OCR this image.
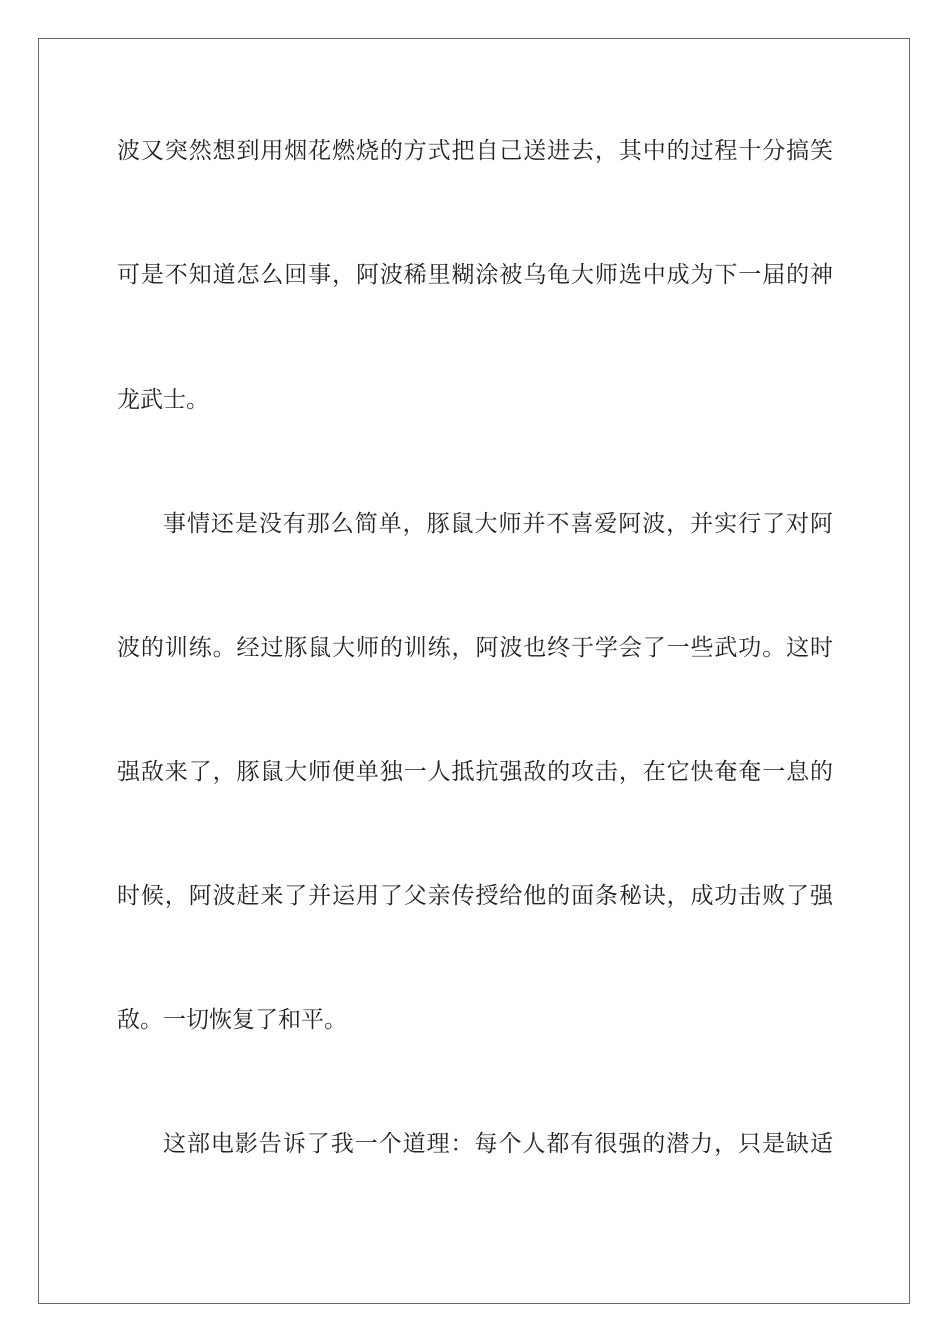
波又突然想到用烟花燃烧的方式把自己送进去，其中的过程十分搞笑
可是不知道怎么回事，阿波稀里糊涂被乌龟大师选中成为下一届的神
龙武士。
事情还是没有那么简单，豚鼠大师并不喜爱阿波，并实行了对阿
波的训练。经过豚鼠大师的训练，阿波也终于学会了一些武功。这时
强敌来了，豚鼠大师便单独一人抵抗强敌的攻击，在它快奄奄一息的
时候，阿波赶来了并运用了父亲传授给他的面条秘诀，成功击败了强
敌。一切恢复了和平。
这部电影告诉了我一个道理：每个人都有很强的潜力，只是缺适
